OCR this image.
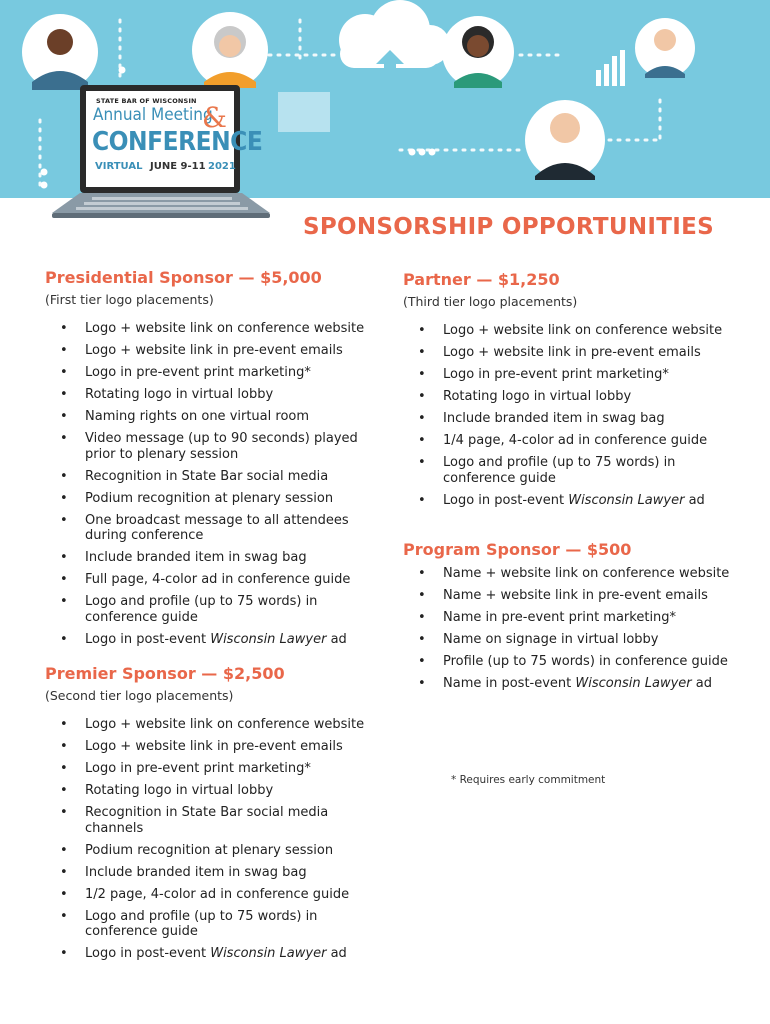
STATE BAR OF WISCONSIN
Annual Meeting
&
CONFERENCE
VIRTUAL JUNE 9-11 2021
SPONSORSHIP OPPORTUNITIES

Presidential Sponsor — $5,000

(First tier logo placements)

• Logo + website link on conference website
• Logo + website link in pre-event emails
• Logo in pre-event print marketing*
• Rotating logo in virtual lobby
• Naming rights on one virtual room
• Video message (up to 90 seconds) played prior to plenary session
• Recognition in State Bar social media
• Podium recognition at plenary session
• One broadcast message to all attendees during conference
• Include branded item in swag bag
• Full page, 4-color ad in conference guide
• Logo and profile (up to 75 words) in conference guide
• Logo in post-event Wisconsin Lawyer ad

Premier Sponsor — $2,500

(Second tier logo placements)

• Logo + website link on conference website
• Logo + website link in pre-event emails
• Logo in pre-event print marketing*
• Rotating logo in virtual lobby
• Recognition in State Bar social media channels
• Podium recognition at plenary session
• Include branded item in swag bag
• 1/2 page, 4-color ad in conference guide
• Logo and profile (up to 75 words) in conference guide
• Logo in post-event Wisconsin Lawyer ad

Partner — $1,250

(Third tier logo placements)

• Logo + website link on conference website
• Logo + website link in pre-event emails
• Logo in pre-event print marketing*
• Rotating logo in virtual lobby
• Include branded item in swag bag
• 1/4 page, 4-color ad in conference guide
• Logo and profile (up to 75 words) in conference guide
• Logo in post-event Wisconsin Lawyer ad

Program Sponsor — $500

• Name + website link on conference website
• Name + website link in pre-event emails
• Name in pre-event print marketing*
• Name on signage in virtual lobby
• Profile (up to 75 words) in conference guide
• Name in post-event Wisconsin Lawyer ad
* Requires early commitment
